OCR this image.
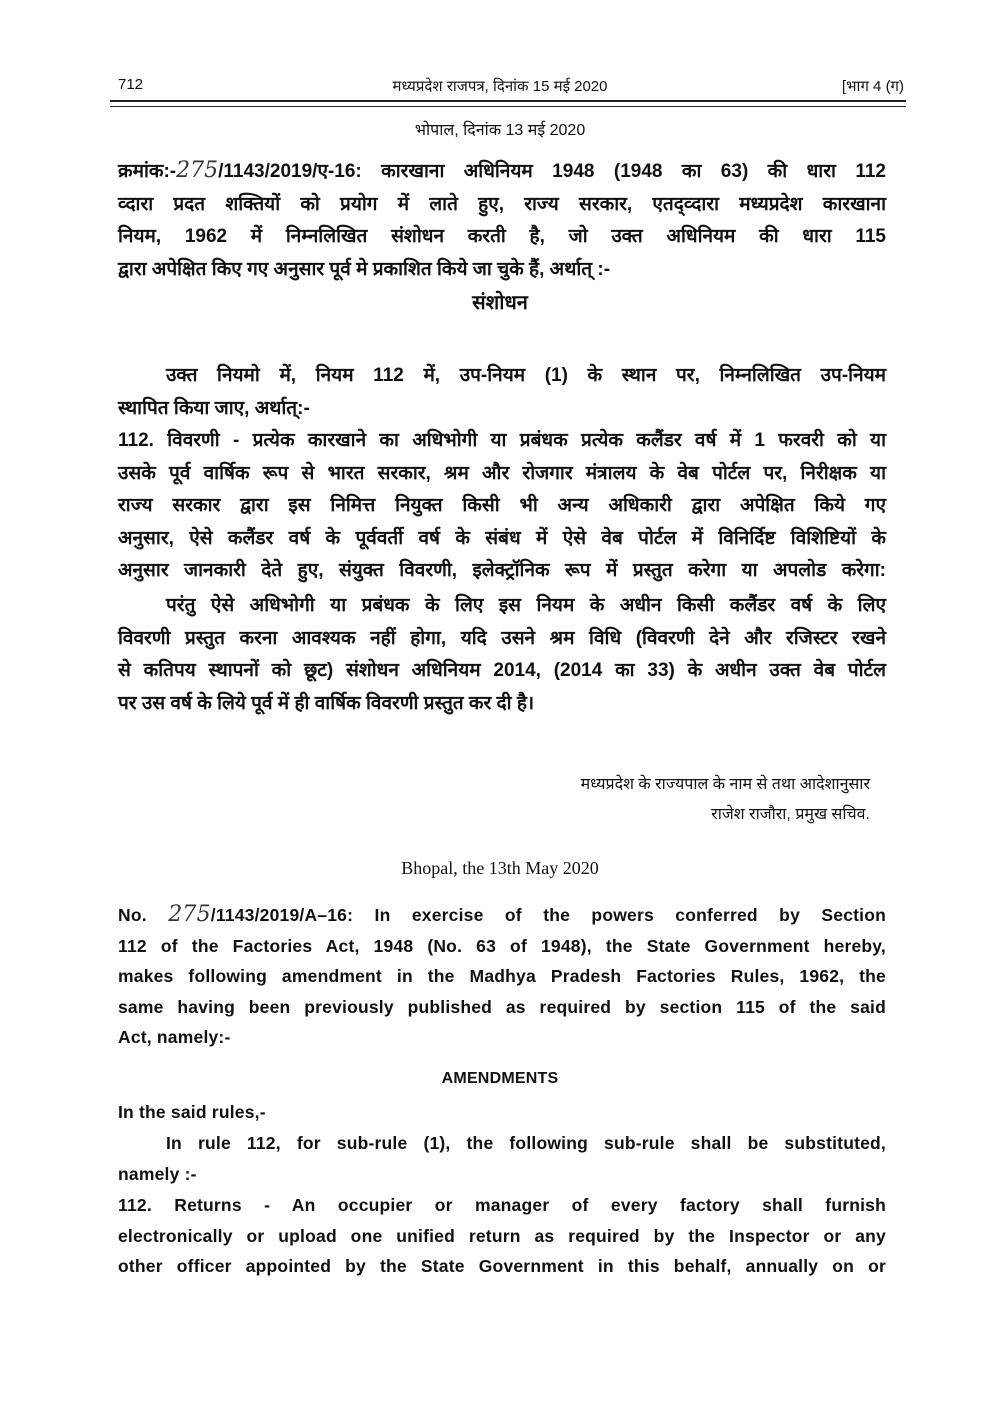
712	मध्यप्रदेश राजपत्र, दिनांक 15 मई 2020	[भाग 4 (ग)
भोपाल, दिनांक 13 मई 2020
क्रमांक:-275/1143/2019/ए-16: कारखाना अधिनियम 1948 (1948 का 63) की धारा 112
व्दारा प्रदत शक्तियों को प्रयोग में लाते हुए, राज्य सरकार, एतद्व्दारा मध्यप्रदेश कारखाना
नियम, 1962 में निम्नलिखित संशोधन करती है, जो उक्त अधिनियम की धारा 115
द्वारा अपेक्षित किए गए अनुसार पूर्व मे प्रकाशित किये जा चुके हैं, अर्थात् :-
संशोधन
उक्त नियमो में, नियम 112 में, उप-नियम (1) के स्थान पर, निम्नलिखित उप-नियम
स्थापित किया जाए, अर्थात्:-
112. विवरणी - प्रत्येक कारखाने का अधिभोगी या प्रबंधक प्रत्येक कलैंडर वर्ष में 1 फरवरी को या
उसके पूर्व वार्षिक रूप से भारत सरकार, श्रम और रोजगार मंत्रालय के वेब पोर्टल पर, निरीक्षक या
राज्य सरकार द्वारा इस निमित्त नियुक्त किसी भी अन्य अधिकारी द्वारा अपेक्षित किये गए
अनुसार, ऐसे कलैंडर वर्ष के पूर्ववर्ती वर्ष के संबंध में ऐसे वेब पोर्टल में विनिर्दिष्ट विशिष्टियों के
अनुसार जानकारी देते हुए, संयुक्त विवरणी, इलेक्ट्रॉनिक रूप में प्रस्तुत करेगा या अपलोड करेगा:
परंतु ऐसे अधिभोगी या प्रबंधक के लिए इस नियम के अधीन किसी कलैंडर वर्ष के लिए
विवरणी प्रस्तुत करना आवश्यक नहीं होगा, यदि उसने श्रम विधि (विवरणी देने और रजिस्टर रखने
से कतिपय स्थापनों को छूट) संशोधन अधिनियम 2014, (2014 का 33) के अधीन उक्त वेब पोर्टल
पर उस वर्ष के लिये पूर्व में ही वार्षिक विवरणी प्रस्तुत कर दी है।
मध्यप्रदेश के राज्यपाल के नाम से तथा आदेशानुसार
राजेश राजौरा, प्रमुख सचिव.
Bhopal, the 13th May 2020
No. 275/1143/2019/A–16: In exercise of the powers conferred by Section
112 of the Factories Act, 1948 (No. 63 of 1948), the State Government hereby,
makes following amendment in the Madhya Pradesh Factories Rules, 1962, the
same having been previously published as required by section 115 of the said
Act, namely:-
AMENDMENTS
In the said rules,-
In rule 112, for sub-rule (1), the following sub-rule shall be substituted,
namely :-
112. Returns - An occupier or manager of every factory shall furnish
electronically or upload one unified return as required by the Inspector or any
other officer appointed by the State Government in this behalf, annually on or
